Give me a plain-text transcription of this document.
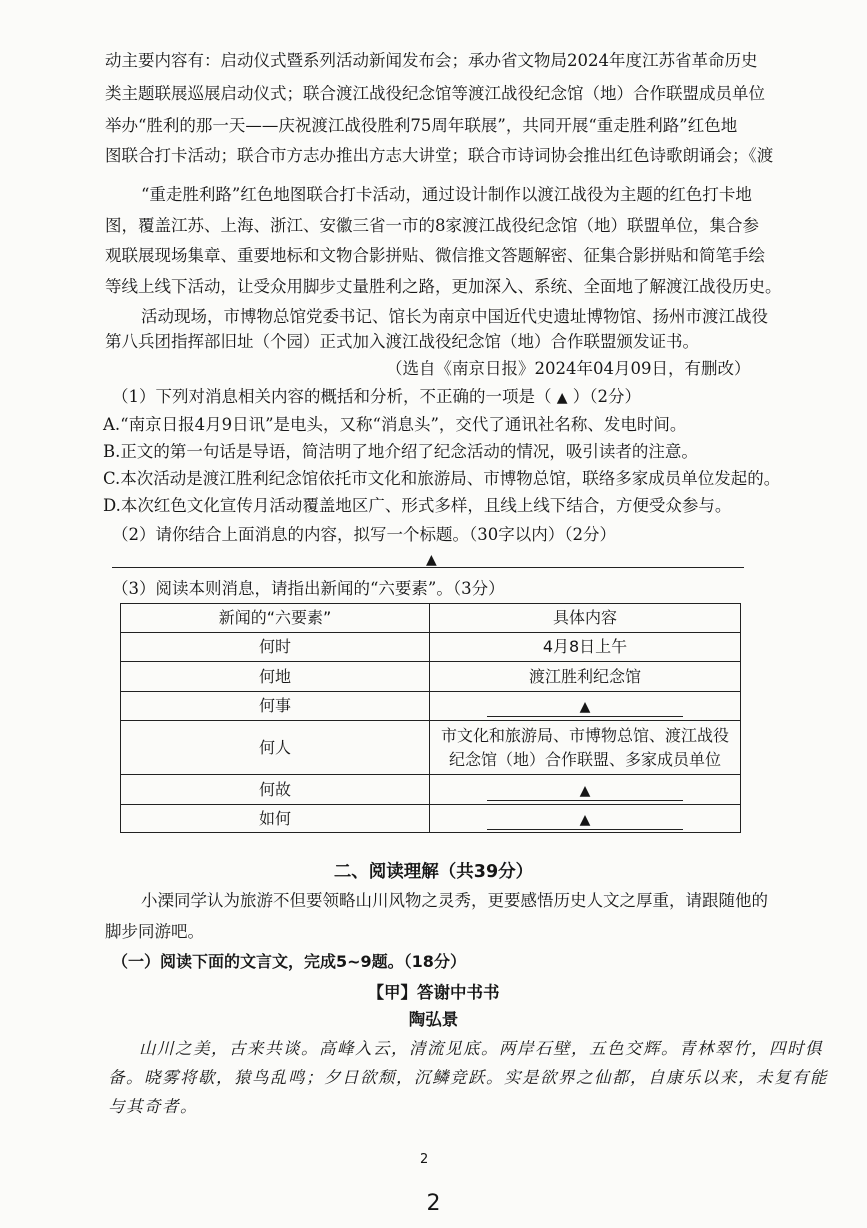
动主要内容有：启动仪式暨系列活动新闻发布会；承办省文物局2024年度江苏省革命历史
类主题联展巡展启动仪式；联合渡江战役纪念馆等渡江战役纪念馆（地）合作联盟成员单位
举办“胜利的那一天——庆祝渡江战役胜利75周年联展”，共同开展“重走胜利路”红色地
图联合打卡活动；联合市方志办推出方志大讲堂；联合市诗词协会推出红色诗歌朗诵会；《渡
“重走胜利路”红色地图联合打卡活动，通过设计制作以渡江战役为主题的红色打卡地
图，覆盖江苏、上海、浙江、安徽三省一市的8家渡江战役纪念馆（地）联盟单位，集合参
观联展现场集章、重要地标和文物合影拼贴、微信推文答题解密、征集合影拼贴和简笔手绘
等线上线下活动，让受众用脚步丈量胜利之路，更加深入、系统、全面地了解渡江战役历史。
活动现场，市博物总馆党委书记、馆长为南京中国近代史遗址博物馆、扬州市渡江战役
第八兵团指挥部旧址（个园）正式加入渡江战役纪念馆（地）合作联盟颁发证书。
（选自《南京日报》2024年04月09日，有删改）
（1）下列对消息相关内容的概括和分析，不正确的一项是（ ▲ ）（2分）
A.“南京日报4月9日讯”是电头，又称“消息头”，交代了通讯社名称、发电时间。
B.正文的第一句话是导语，简洁明了地介绍了纪念活动的情况，吸引读者的注意。
C.本次活动是渡江胜利纪念馆依托市文化和旅游局、市博物总馆，联络多家成员单位发起的。
D.本次红色文化宣传月活动覆盖地区广、形式多样，且线上线下结合，方便受众参与。
（2）请你结合上面消息的内容，拟写一个标题。（30字以内）（2分）
▲
（3）阅读本则消息，请指出新闻的“六要素”。（3分）
新闻的“六要素”	具体内容
何时	4月8日上午
何地	渡江胜利纪念馆
何事	▲
何人	市文化和旅游局、市博物总馆、渡江战役纪念馆（地）合作联盟、多家成员单位
何故	▲
如何	▲
二、阅读理解（共39分）
小溧同学认为旅游不但要领略山川风物之灵秀，更要感悟历史人文之厚重，请跟随他的
脚步同游吧。
（一）阅读下面的文言文，完成5~9题。（18分）
【甲】答谢中书书
陶弘景
山川之美，古来共谈。高峰入云，清流见底。两岸石壁，五色交辉。青林翠竹，四时俱
备。晓雾将歇，猿鸟乱鸣；夕日欲颓，沉鳞竞跃。实是欲界之仙都，自康乐以来，未复有能
与其奇者。
2
2
